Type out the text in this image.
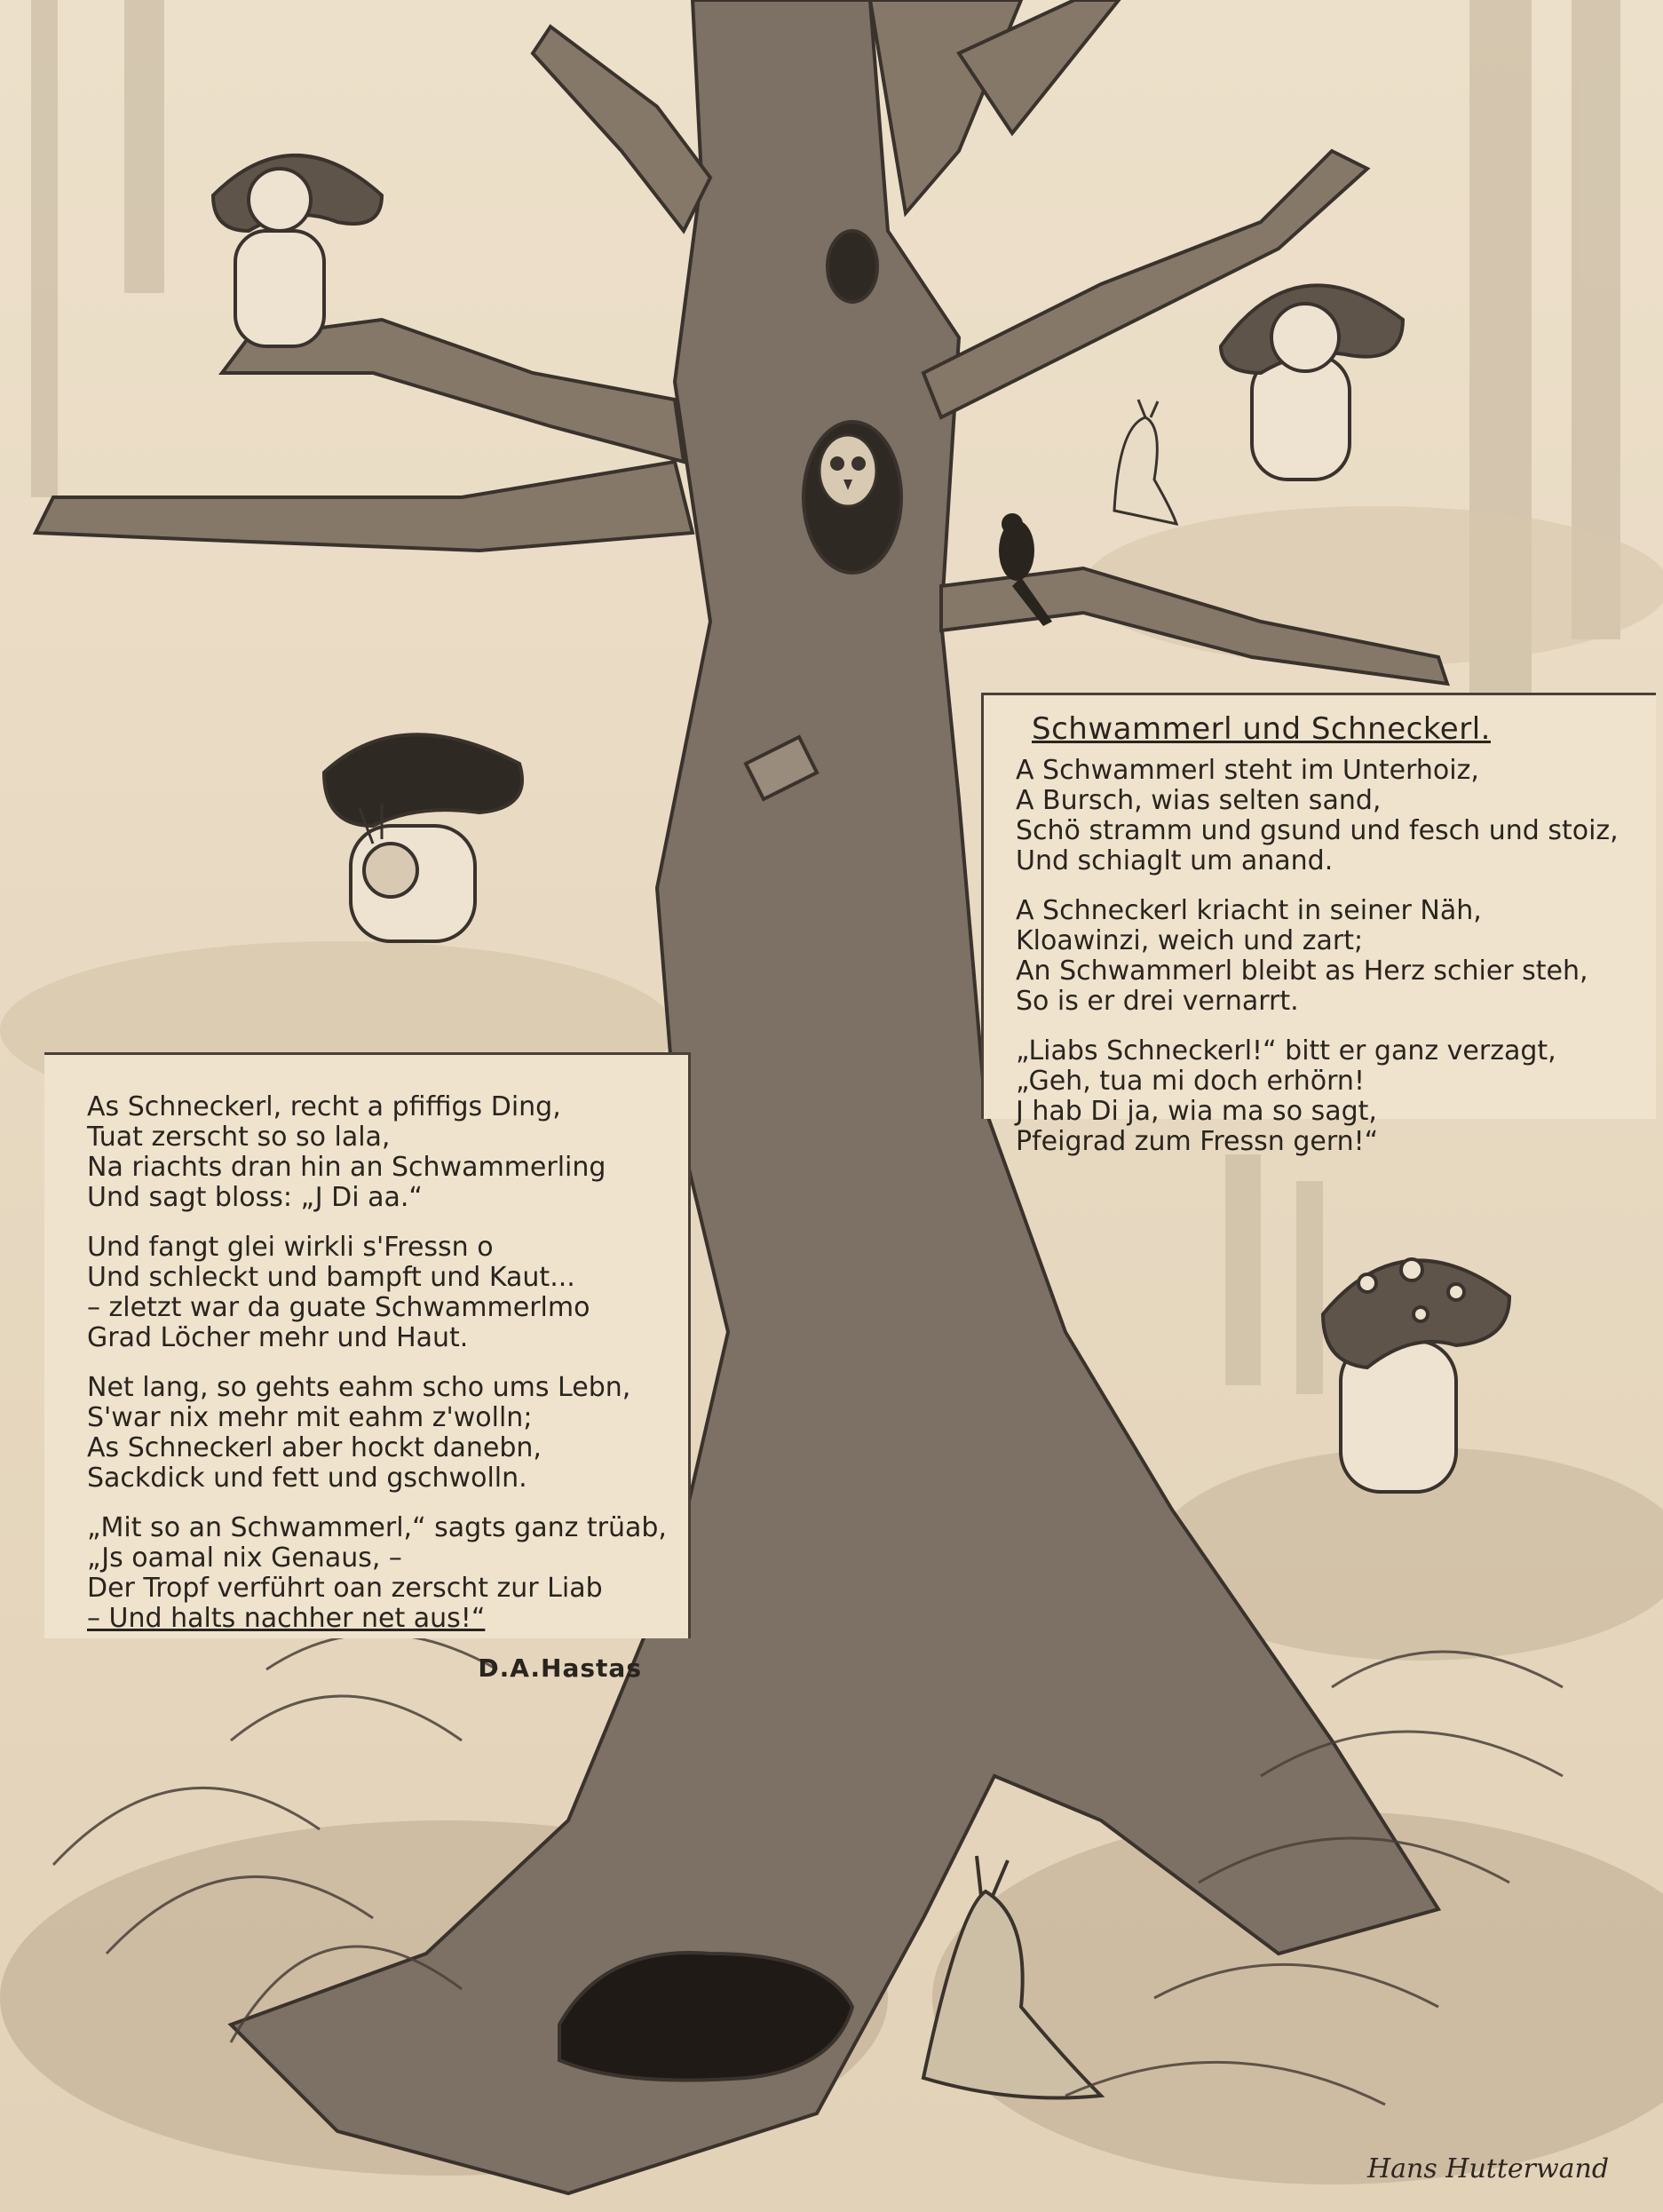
Schwammerl und Schneckerl.
A Schwammerl steht im Unterhoiz,
A Bursch, wias selten sand,
Schö stramm und gsund und fesch und stoiz,
Und schiaglt um anand.
A Schneckerl kriacht in seiner Näh,
Kloawinzi, weich und zart;
An Schwammerl bleibt as Herz schier steh,
So is er drei vernarrt.
„Liabs Schneckerl!“ bitt er ganz verzagt,
„Geh, tua mi doch erhörn!
J hab Di ja, wia ma so sagt,
Pfeigrad zum Fressn gern!“
As Schneckerl, recht a pfiffigs Ding,
Tuat zerscht so so lala,
Na riachts dran hin an Schwammerling
Und sagt bloss: „J Di aa.“
Und fangt glei wirkli s'Fressn o
Und schleckt und bampft und Kaut...
– zletzt war da guate Schwammerlmo
Grad Löcher mehr und Haut.
Net lang, so gehts eahm scho ums Lebn,
S'war nix mehr mit eahm z'wolln;
As Schneckerl aber hockt danebn,
Sackdick und fett und gschwolln.
„Mit so an Schwammerl,“ sagts ganz trüab,
„Js oamal nix Genaus, –
Der Tropf verführt oan zerscht zur Liab
– Und halts nachher net aus!“
D.A.Hastas
Hans Hutterwand
